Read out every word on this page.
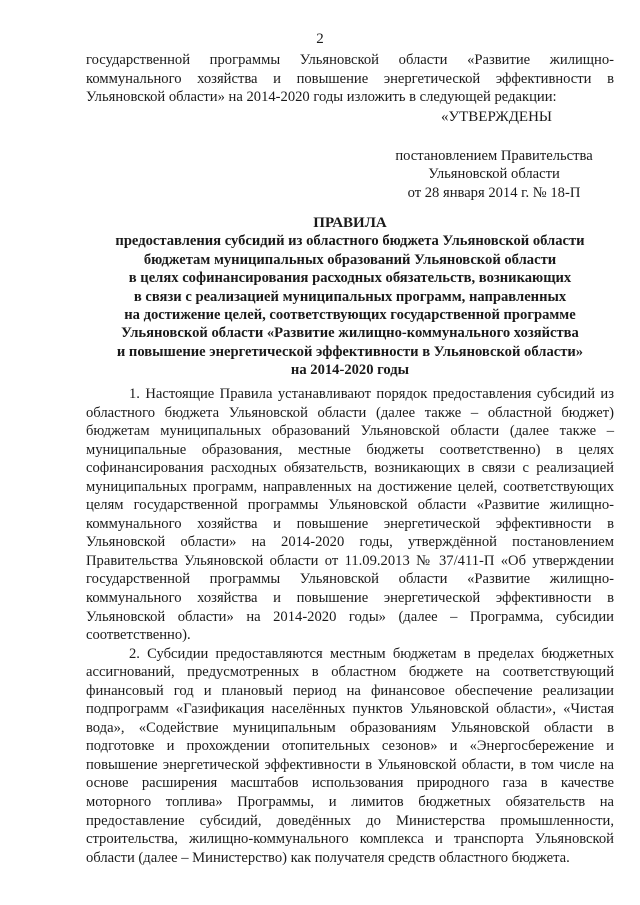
2
государственной программы Ульяновской области «Развитие жилищно-коммунального хозяйства и повышение энергетической эффективности в Ульяновской области» на 2014-2020 годы изложить в следующей редакции:
«УТВЕРЖДЕНЫ
постановлением Правительства
Ульяновской области
от 28 января 2014 г. № 18-П
ПРАВИЛА
предоставления субсидий из областного бюджета Ульяновской области
бюджетам муниципальных образований Ульяновской области
в целях софинансирования расходных обязательств, возникающих
в связи с реализацией муниципальных программ, направленных
на достижение целей, соответствующих государственной программе
Ульяновской области «Развитие жилищно-коммунального хозяйства
и повышение энергетической эффективности в Ульяновской области»
на 2014-2020 годы

1. Настоящие Правила устанавливают порядок предоставления субсидий из областного бюджета Ульяновской области (далее также – областной бюджет) бюджетам муниципальных образований Ульяновской области (далее также – муниципальные образования, местные бюджеты соответственно) в целях софинансирования расходных обязательств, возникающих в связи с реализацией муниципальных программ, направленных на достижение целей, соответствующих целям государственной программы Ульяновской области «Развитие жилищно-коммунального хозяйства и повышение энергетической эффективности в Ульяновской области» на 2014-2020 годы, утверждённой постановлением Правительства Ульяновской области от 11.09.2013 № 37/411-П «Об утверждении государственной программы Ульяновской области «Развитие жилищно-коммунального хозяйства и повышение энергетической эффективности в Ульяновской области» на 2014-2020 годы» (далее – Программа, субсидии соответственно).

2. Субсидии предоставляются местным бюджетам в пределах бюджетных ассигнований, предусмотренных в областном бюджете на соответствующий финансовый год и плановый период на финансовое обеспечение реализации подпрограмм «Газификация населённых пунктов Ульяновской области», «Чистая вода», «Содействие муниципальным образованиям Ульяновской области в подготовке и прохождении отопительных сезонов» и «Энергосбережение и повышение энергетической эффективности в Ульяновской области, в том числе на основе расширения масштабов использования природного газа в качестве моторного топлива» Программы, и лимитов бюджетных обязательств на предоставление субсидий, доведённых до Министерства промышленности, строительства, жилищно-коммунального комплекса и транспорта Ульяновской области (далее – Министерство) как получателя средств областного бюджета.
